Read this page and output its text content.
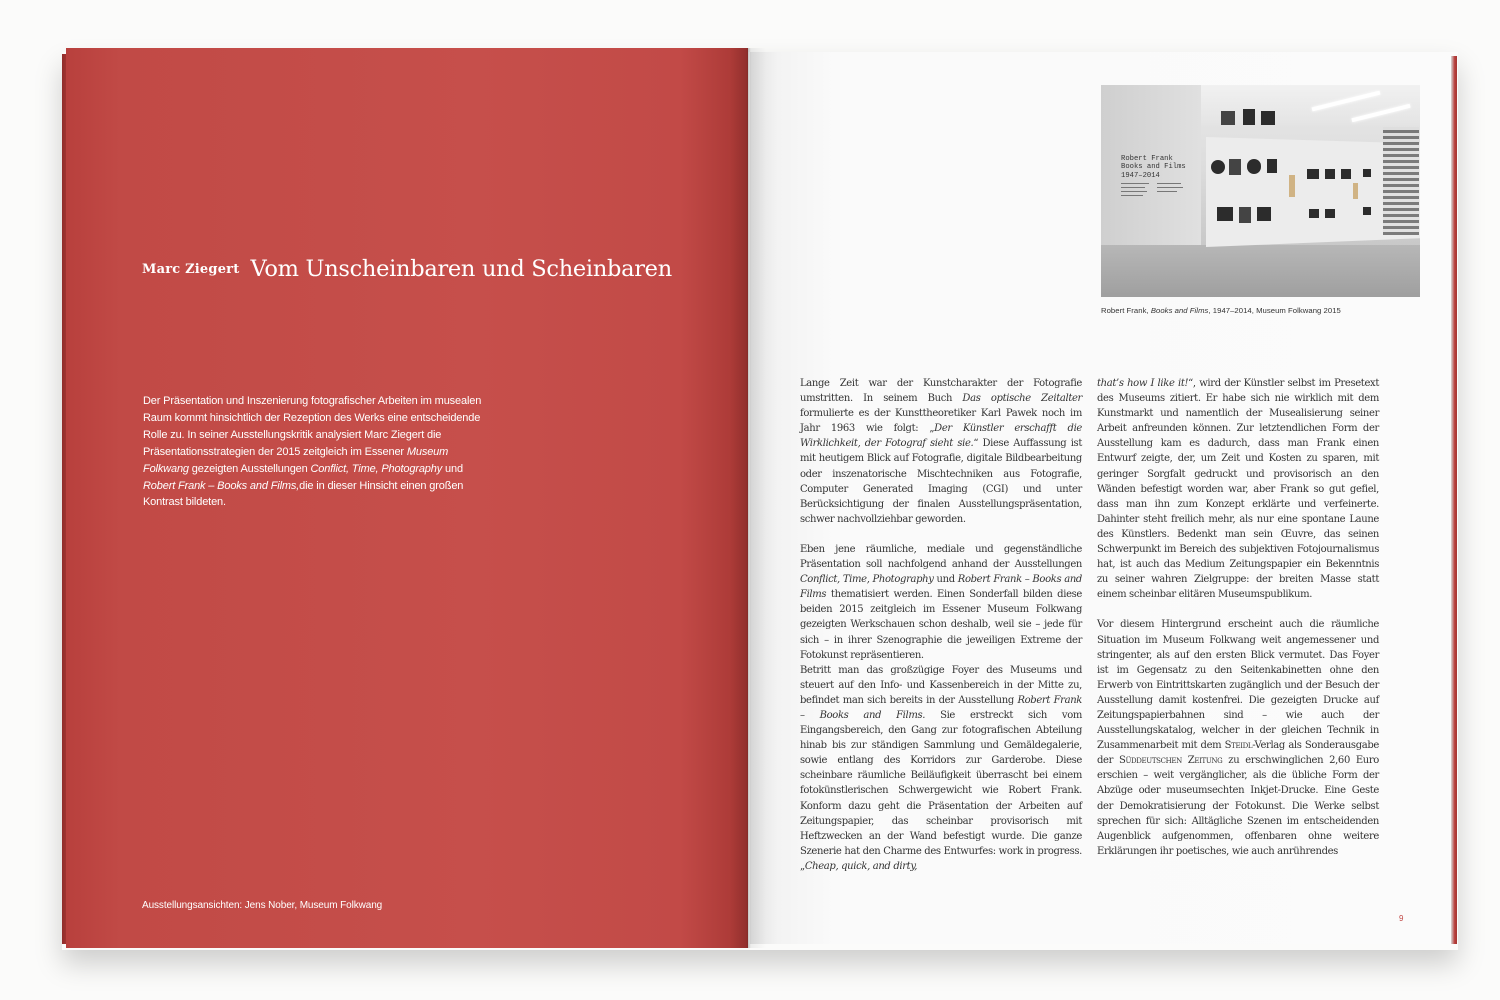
Marc Ziegert Vom Unscheinbaren und Scheinbaren
Der Präsentation und Inszenierung fotografischer Arbeiten im musealen Raum kommt hinsichtlich der Rezeption des Werks eine entscheidende Rolle zu. In seiner Ausstellungskritik analysiert Marc Ziegert die Präsentationsstrategien der 2015 zeitgleich im Essener Museum Folkwang gezeigten Ausstellungen Conflict, Time, Photography und Robert Frank – Books and Films,die in dieser Hinsicht einen großen Kontrast bildeten.
Ausstellungsansichten: Jens Nober, Museum Folkwang
Robert Frank
Books and Films
1947–2014
Robert Frank, Books and Films, 1947–2014, Museum Folkwang 2015

Lange Zeit war der Kunstcharakter der Fotografie umstritten. In seinem Buch Das optische Zeitalter formulierte es der Kunsttheoretiker Karl Pawek noch im Jahr 1963 wie folgt: „Der Künstler erschafft die Wirklichkeit, der Fotograf sieht sie.“ Diese Auffassung ist mit heutigem Blick auf Fotografie, digitale Bildbearbeitung oder inszenatorische Mischtechniken aus Fotografie, Computer Generated Imaging (CGI) und unter Berücksichtigung der finalen Ausstellungspräsentation, schwer nachvollziehbar geworden.

Eben jene räumliche, mediale und gegenständliche Präsentation soll nachfolgend anhand der Ausstellungen Conflict, Time, Photography und Robert Frank – Books and Films thematisiert werden. Einen Sonderfall bilden diese beiden 2015 zeitgleich im Essener Museum Folkwang gezeigten Werkschauen schon deshalb, weil sie – jede für sich – in ihrer Szenographie die jeweiligen Extreme der Fotokunst repräsentieren.

Betritt man das großzügige Foyer des Museums und steuert auf den Info- und Kassenbereich in der Mitte zu, befindet man sich bereits in der Ausstellung Robert Frank – Books and Films. Sie erstreckt sich vom Eingangsbereich, den Gang zur fotografischen Abteilung hinab bis zur ständigen Sammlung und Gemäldegalerie, sowie entlang des Korridors zur Garderobe. Diese scheinbare räumliche Beiläufigkeit überrascht bei einem fotokünstlerischen Schwergewicht wie Robert Frank. Konform dazu geht die Präsentation der Arbeiten auf Zeitungspapier, das scheinbar provisorisch mit Heftzwecken an der Wand befestigt wurde. Die ganze Szenerie hat den Charme des Entwurfes: work in progress. „Cheap, quick, and dirty,

that’s how I like it!“, wird der Künstler selbst im Presetext des Museums zitiert. Er habe sich nie wirklich mit dem Kunstmarkt und namentlich der Musealisierung seiner Arbeit anfreunden können. Zur letztendlichen Form der Ausstellung kam es dadurch, dass man Frank einen Entwurf zeigte, der, um Zeit und Kosten zu sparen, mit geringer Sorgfalt gedruckt und provisorisch an den Wänden befestigt worden war, aber Frank so gut gefiel, dass man ihn zum Konzept erklärte und verfeinerte. Dahinter steht freilich mehr, als nur eine spontane Laune des Künstlers. Bedenkt man sein Œuvre, das seinen Schwerpunkt im Bereich des subjektiven Fotojournalismus hat, ist auch das Medium Zeitungspapier ein Bekenntnis zu seiner wahren Zielgruppe: der breiten Masse statt einem scheinbar elitären Museumspublikum.

Vor diesem Hintergrund erscheint auch die räumliche Situation im Museum Folkwang weit angemessener und stringenter, als auf den ersten Blick vermutet. Das Foyer ist im Gegensatz zu den Seitenkabinetten ohne den Erwerb von Eintrittskarten zugänglich und der Besuch der Ausstellung damit kostenfrei. Die gezeigten Drucke auf Zeitungspapierbahnen sind – wie auch der Ausstellungskatalog, welcher in der gleichen Technik in Zusammenarbeit mit dem Steidl-Verlag als Sonderausgabe der Süddeutschen Zeitung zu erschwinglichen 2,60 Euro erschien – weit vergänglicher, als die übliche Form der Abzüge oder museumsechten Inkjet-Drucke. Eine Geste der Demokratisierung der Fotokunst. Die Werke selbst sprechen für sich: Alltägliche Szenen im entscheidenden Augenblick aufgenommen, offenbaren ohne weitere Erklärungen ihr poetisches, wie auch anrührendes

9
